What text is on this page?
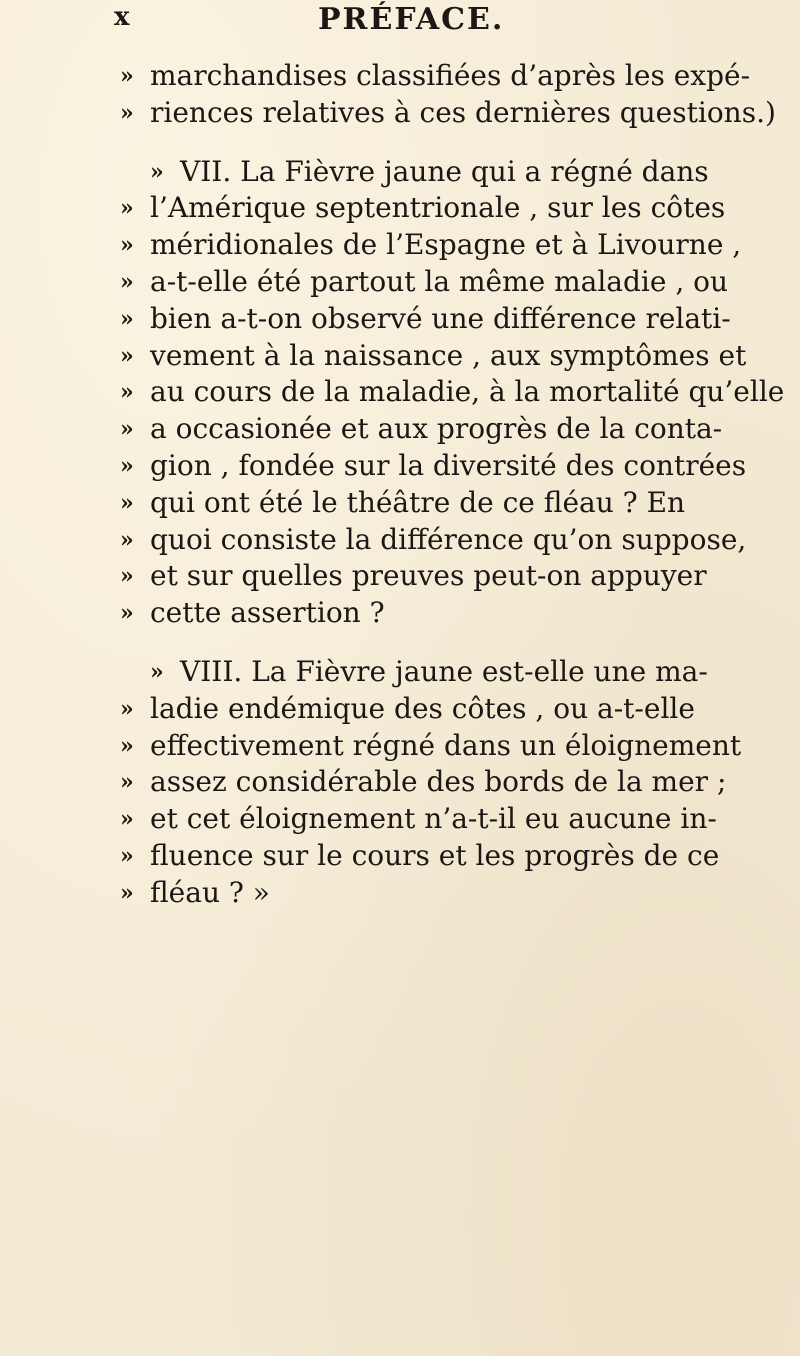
x	PRÉFACE.
» marchandises classifiées d’après les expé-
» riences relatives à ces dernières questions.)
» VII. La Fièvre jaune qui a régné dans
» l’Amérique septentrionale , sur les côtes
» méridionales de l’Espagne et à Livourne ,
» a-t-elle été partout la même maladie , ou
» bien a-t-on observé une différence relati-
» vement à la naissance , aux symptômes et
» au cours de la maladie, à la mortalité qu’elle
» a occasionée et aux progrès de la conta-
» gion , fondée sur la diversité des contrées
» qui ont été le théâtre de ce fléau ? En
» quoi consiste la différence qu’on suppose,
» et sur quelles preuves peut-on appuyer
» cette assertion ?
» VIII. La Fièvre jaune est-elle une ma-
» ladie endémique des côtes , ou a-t-elle
» effectivement régné dans un éloignement
» assez considérable des bords de la mer ;
» et cet éloignement n’a-t-il eu aucune in-
» fluence sur le cours et les progrès de ce
» fléau ? »
